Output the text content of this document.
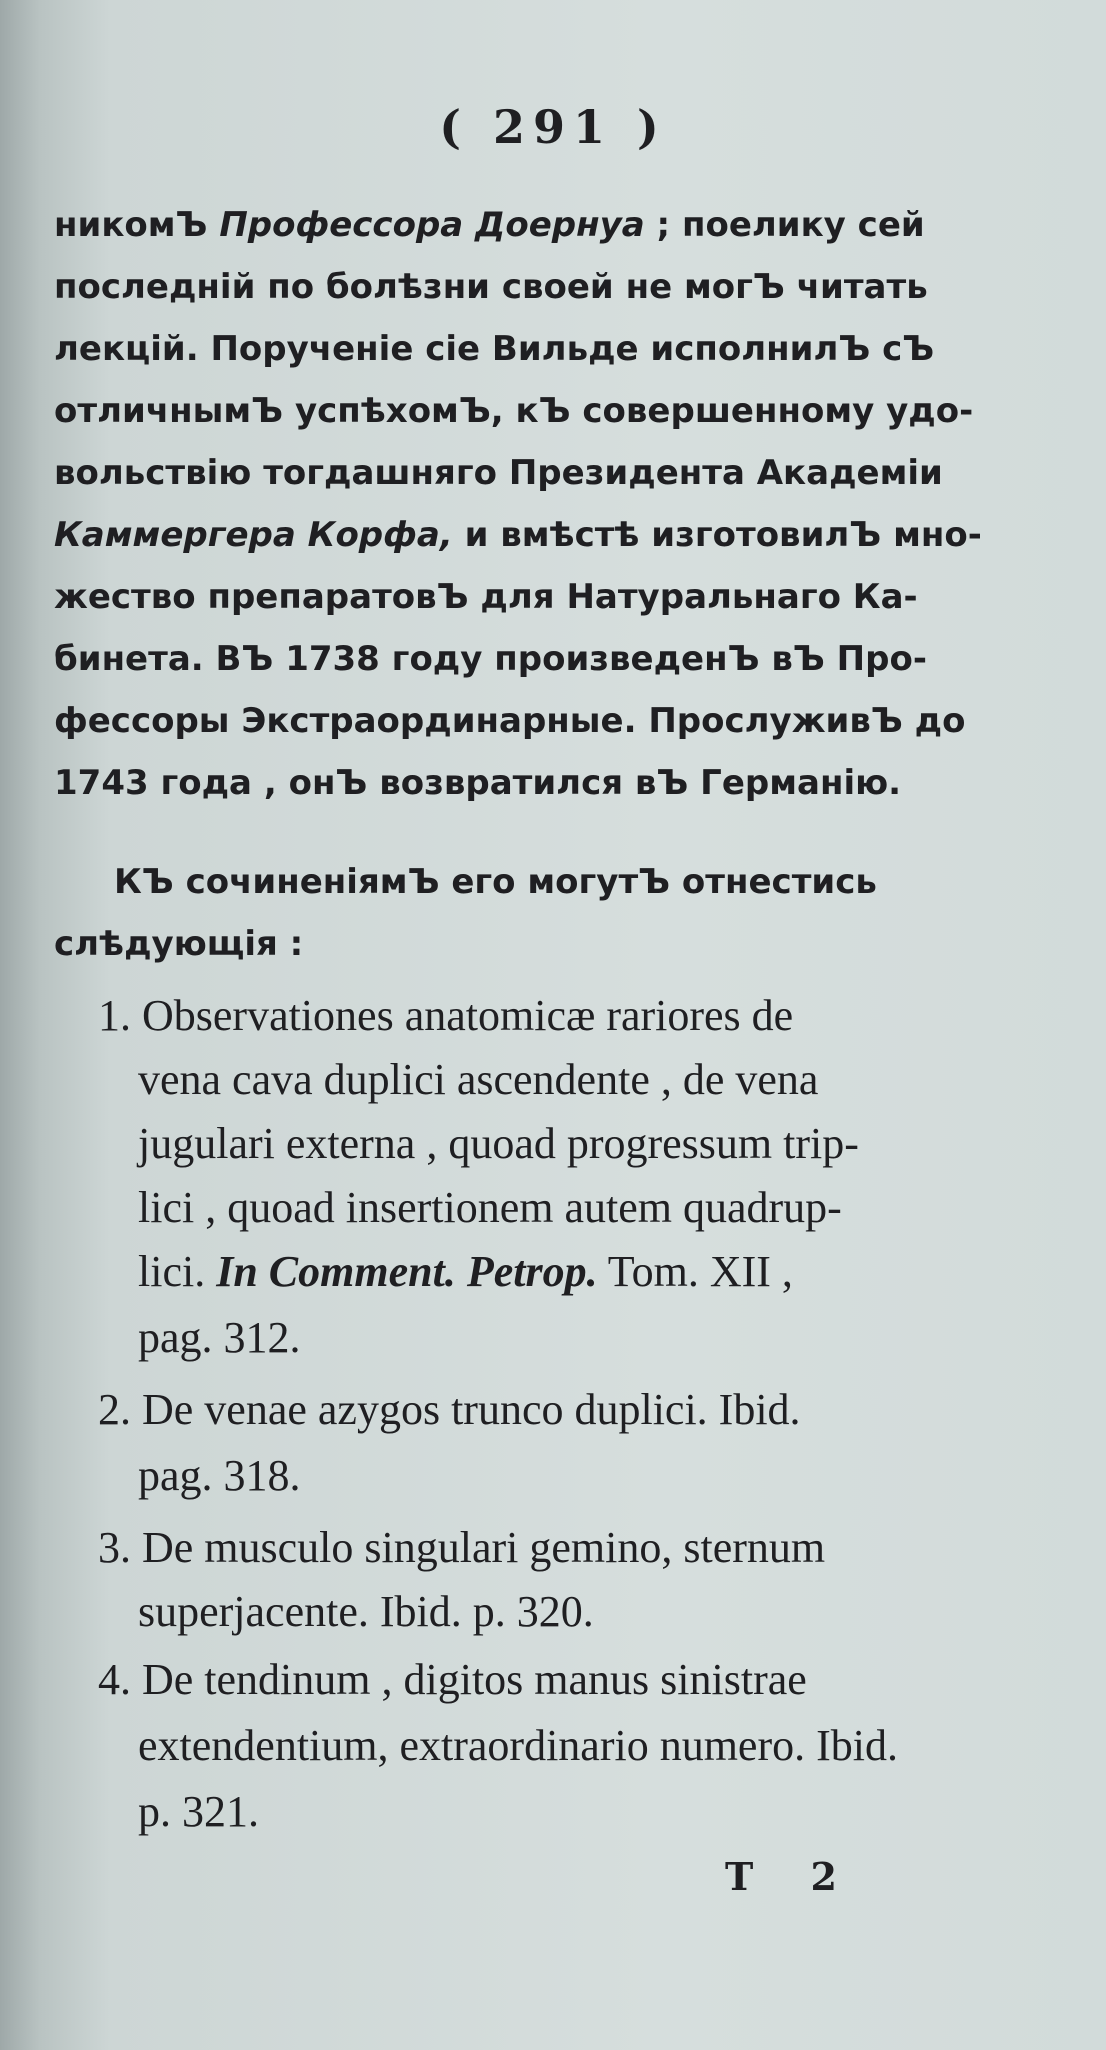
( 291 )
никомЪ Профессора Доернуа ; поелику сей
последній по болѣзни своей не могЪ читать
лекцій. Порученіе сіе Вильде исполнилЪ сЪ
отличнымЪ успѣхомЪ, кЪ совершенному удо-
вольствію тогдашняго Президента Академіи
Каммергера Корфа, и вмѣстѣ изготовилЪ мно-
жество препаратовЪ для Натуральнаго Ка-
бинета. ВЪ 1738 году произведенЪ вЪ Про-
фессоры Экстраординарные. ПрослуживЪ до
1743 года , онЪ возвратился вЪ Германію.
КЪ сочиненіямЪ его могутЪ отнестись
слѣдующія :
1. Observationes anatomicæ rariores de
vena cava duplici ascendente , de vena
jugulari externa , quoad progressum trip-
lici , quoad insertionem autem quadrup-
lici. In Comment. Petrop. Tom. XII ,
pag. 312.
2. De venae azygos trunco duplici. Ibid.
pag. 318.
3. De musculo singulari gemino, sternum
superjacente. Ibid. p. 320.
4. De tendinum , digitos manus sinistrae
extendentium, extraordinario numero. Ibid.
p. 321.
T 2
